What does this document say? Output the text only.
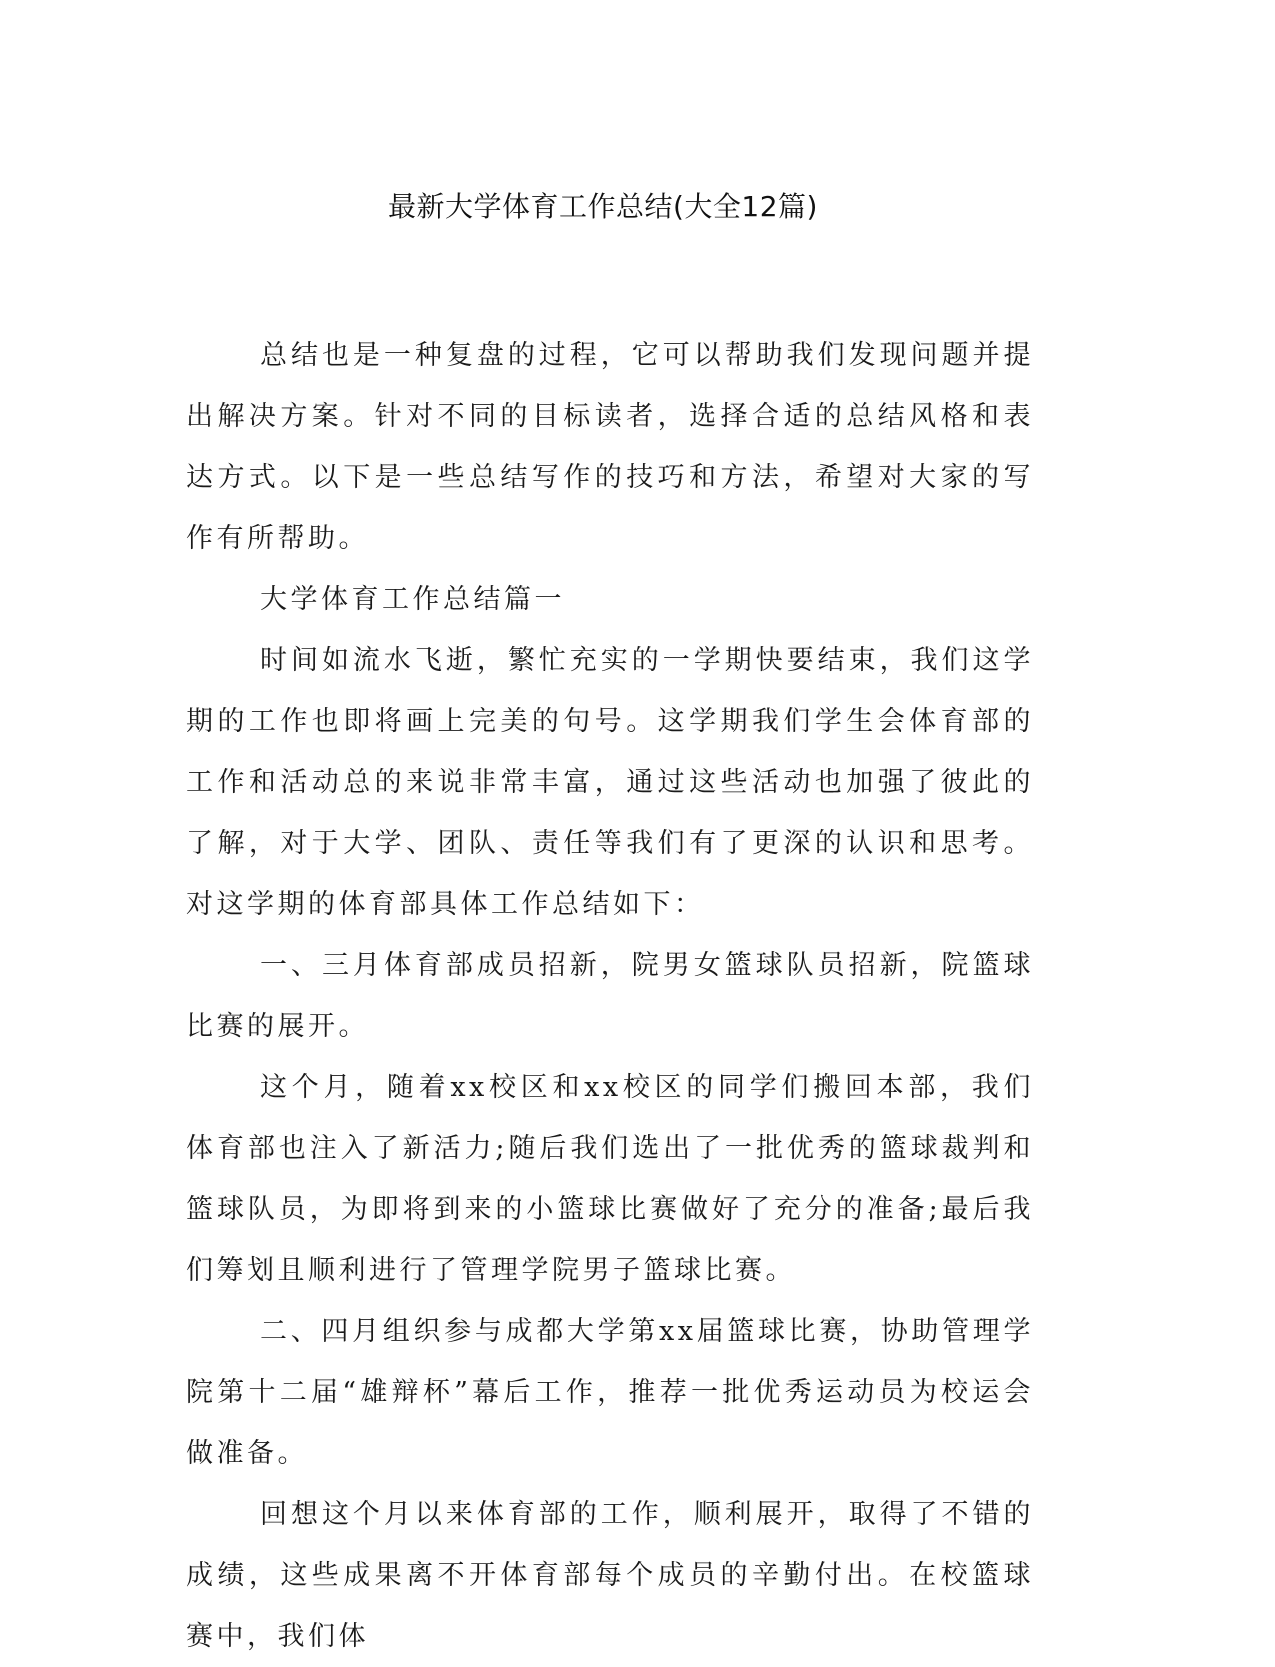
最新大学体育工作总结(大全12篇)

总结也是一种复盘的过程，它可以帮助我们发现问题并提出解决方案。针对不同的目标读者，选择合适的总结风格和表达方式。以下是一些总结写作的技巧和方法，希望对大家的写作有所帮助。

大学体育工作总结篇一

时间如流水飞逝，繁忙充实的一学期快要结束，我们这学期的工作也即将画上完美的句号。这学期我们学生会体育部的工作和活动总的来说非常丰富，通过这些活动也加强了彼此的了解，对于大学、团队、责任等我们有了更深的认识和思考。对这学期的体育部具体工作总结如下：

一、三月体育部成员招新，院男女篮球队员招新，院篮球比赛的展开。

这个月，随着xx校区和xx校区的同学们搬回本部，我们体育部也注入了新活力;随后我们选出了一批优秀的篮球裁判和篮球队员，为即将到来的小篮球比赛做好了充分的准备;最后我们筹划且顺利进行了管理学院男子篮球比赛。

二、四月组织参与成都大学第xx届篮球比赛，协助管理学院第十二届“雄辩杯”幕后工作，推荐一批优秀运动员为校运会做准备。

回想这个月以来体育部的工作，顺利展开，取得了不错的成绩，这些成果离不开体育部每个成员的辛勤付出。在校篮球赛中，我们体
